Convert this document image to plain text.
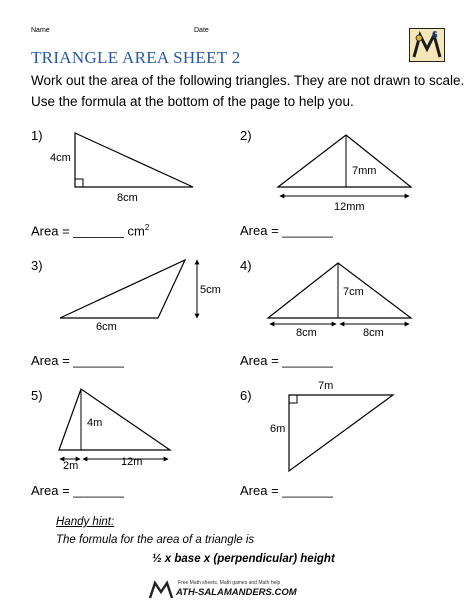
Name	Date	6
TRIANGLE AREA SHEET 2
Work out the area of the following triangles. They are not drawn to scale.
Use the formula at the bottom of the page to help you.
1)
4cm
8cm
Area = _______ $cm^2$
2)
7mm
12mm
Area = _______
3)
5cm
6cm
Area = _______
4)
7cm
8cm	8cm
Area = _______
5)
4m
2m	12m
Area = _______
6)
7m
6m
Area = _______
Handy hint:
The formula for the area of a triangle is
½ x base x (perpendicular) height
Free Math sheets, Math games and Math help
ATH-SALAMANDERS.COM
